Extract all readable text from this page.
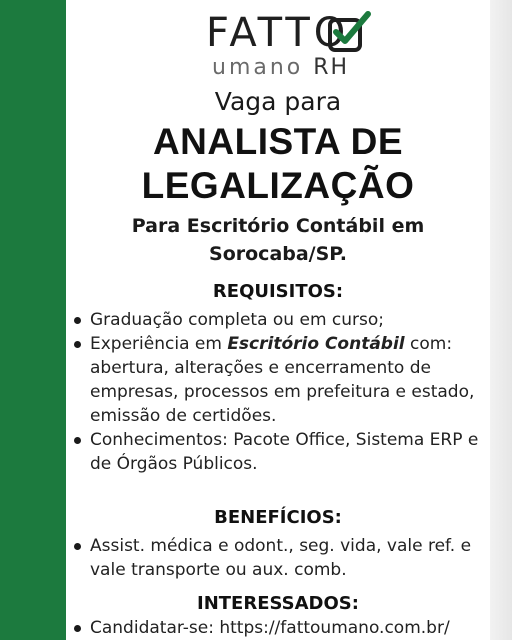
FATTO
umano RH
Vaga para
ANALISTA DE
LEGALIZAÇÃO
Para Escritório Contábil em
Sorocaba/SP.
REQUISITOS:
Graduação completa ou em curso;
Experiência em Escritório Contábil com: abertura, alterações e encerramento de empresas, processos em prefeitura e estado, emissão de certidões.
Conhecimentos: Pacote Office, Sistema ERP e de Órgãos Públicos.
BENEFÍCIOS:
Assist. médica e odont., seg. vida, vale ref. e vale transporte ou aux. comb.
INTERESSADOS:
Candidatar-se: https://fattoumano.com.br/
